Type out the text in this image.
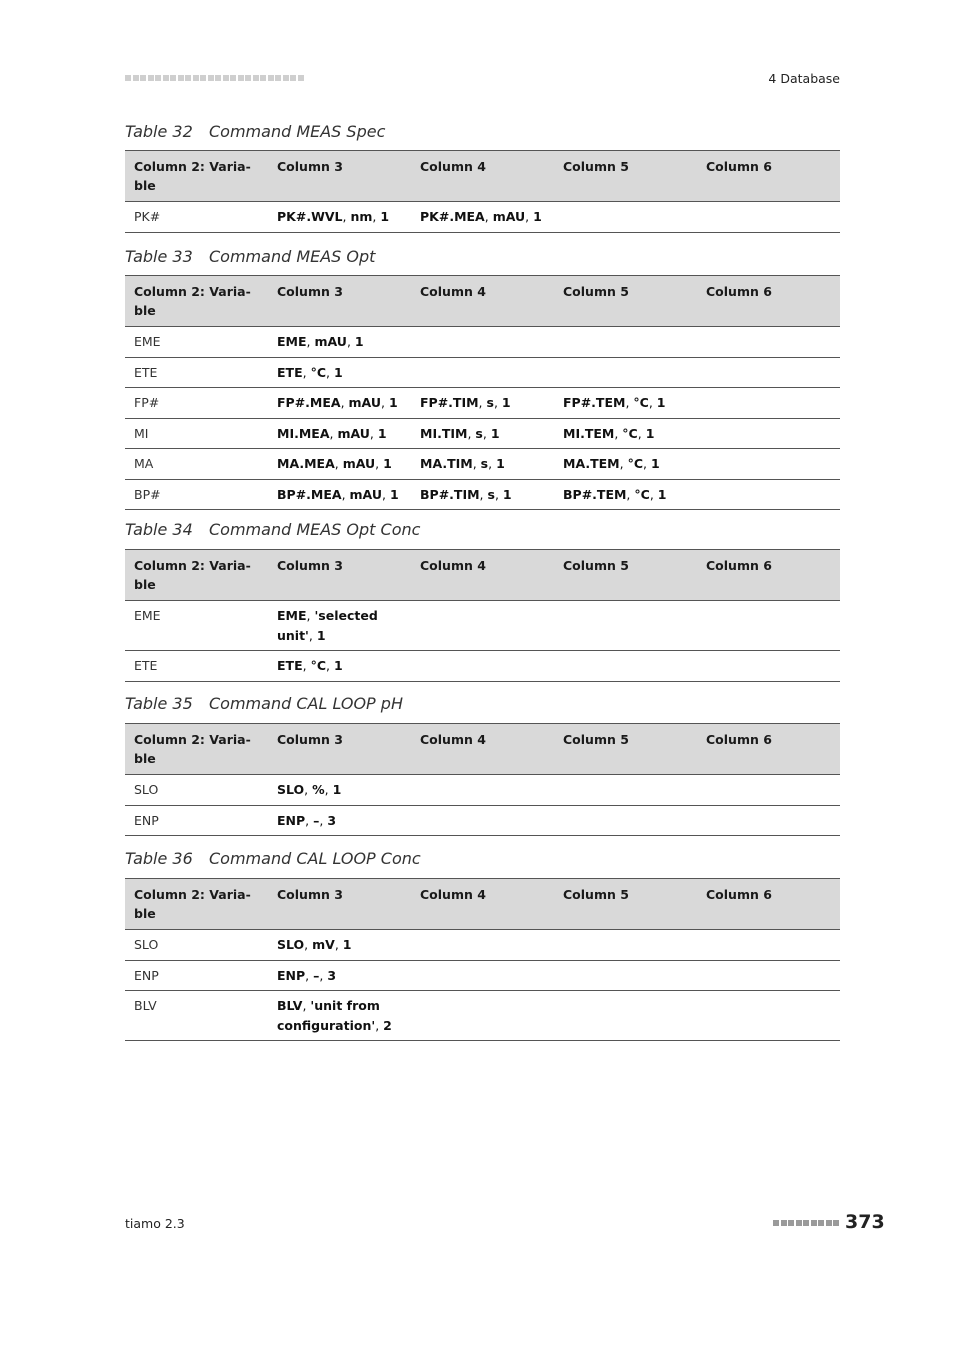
4 Database
Table 32 Command MEAS Spec
Column 2: Varia-ble	Column 3	Column 4	Column 5	Column 6
PK#	PK#.WVL, nm, 1	PK#.MEA, mAU, 1		
Table 33 Command MEAS Opt
Column 2: Varia-ble	Column 3	Column 4	Column 5	Column 6
EME	EME, mAU, 1			
ETE	ETE, °C, 1			
FP#	FP#.MEA, mAU, 1	FP#.TIM, s, 1	FP#.TEM, °C, 1	
MI	MI.MEA, mAU, 1	MI.TIM, s, 1	MI.TEM, °C, 1	
MA	MA.MEA, mAU, 1	MA.TIM, s, 1	MA.TEM, °C, 1	
BP#	BP#.MEA, mAU, 1	BP#.TIM, s, 1	BP#.TEM, °C, 1	
Table 34 Command MEAS Opt Conc
Column 2: Varia-ble	Column 3	Column 4	Column 5	Column 6
EME	EME, 'selected unit', 1			
ETE	ETE, °C, 1			
Table 35 Command CAL LOOP pH
Column 2: Varia-ble	Column 3	Column 4	Column 5	Column 6
SLO	SLO, %, 1			
ENP	ENP, –, 3			
Table 36 Command CAL LOOP Conc
Column 2: Varia-ble	Column 3	Column 4	Column 5	Column 6
SLO	SLO, mV, 1			
ENP	ENP, –, 3			
BLV	BLV, 'unit from configuration', 2			
tiamo 2.3	373
